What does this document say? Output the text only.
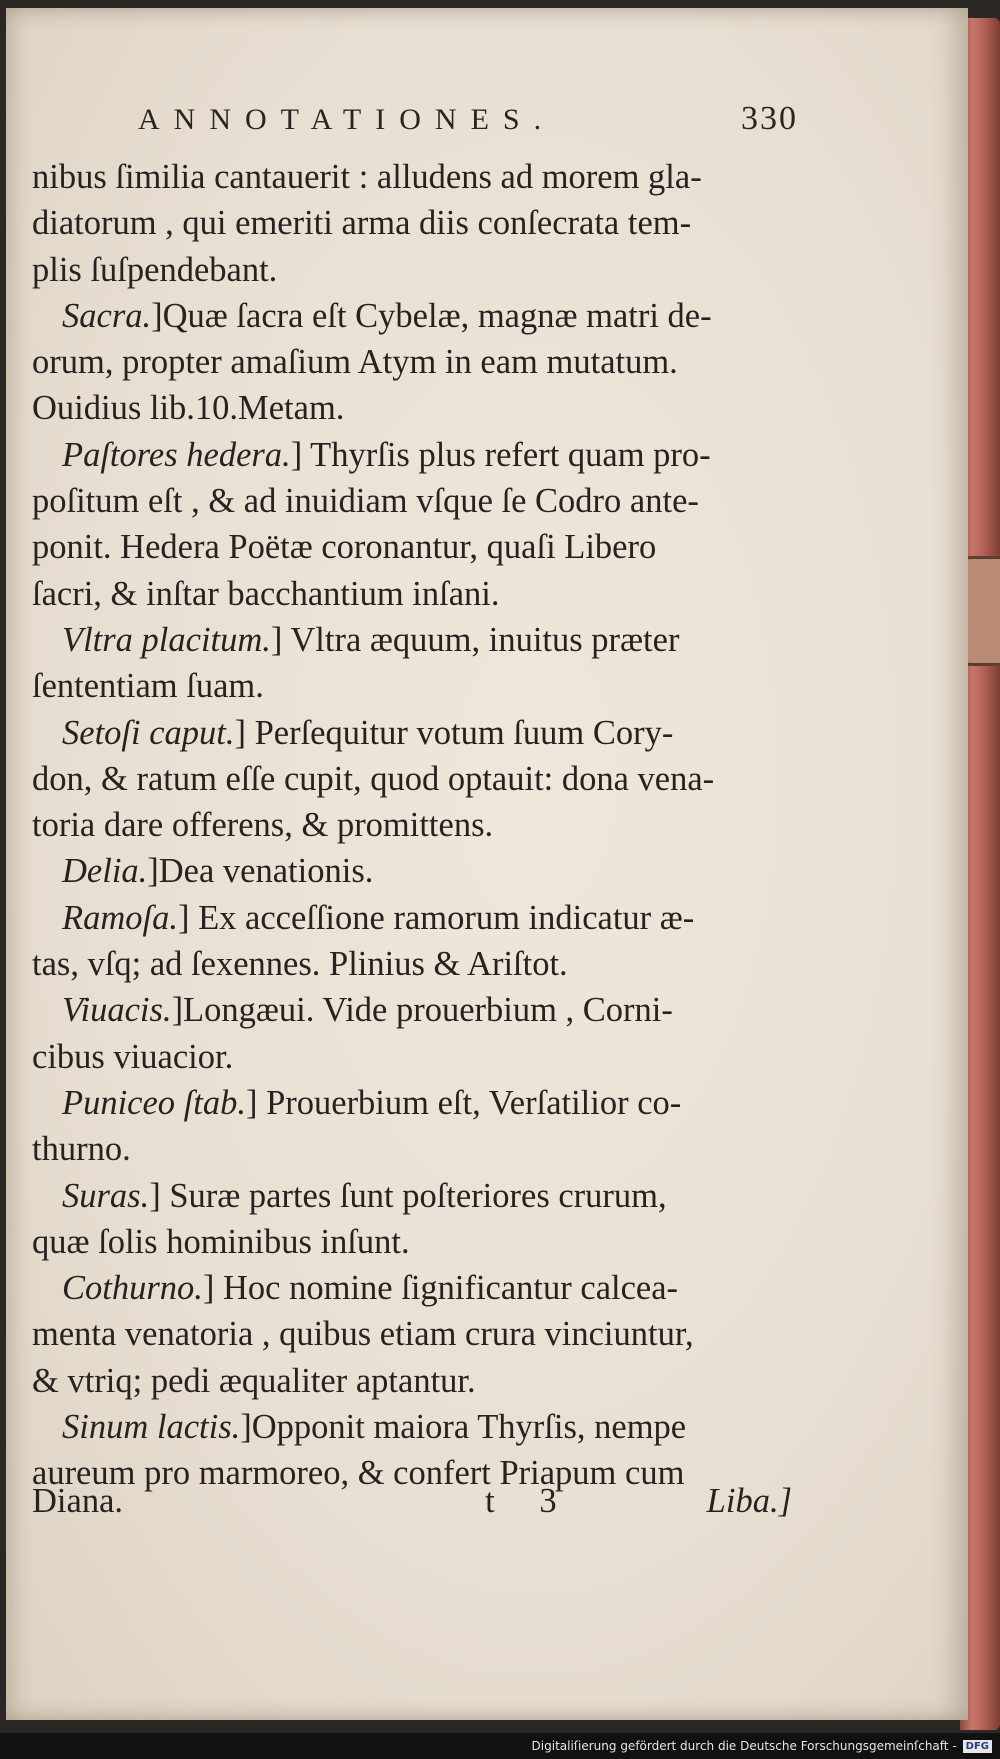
ANNOTATIONES.	330
nibus ſimilia cantauerit : alludens ad morem gla-
diatorum , qui emeriti arma diis conſecrata tem-
plis ſuſpendebant.
Sacra.]Quæ ſacra eſt Cybelæ, magnæ matri de-
orum, propter amaſium Atym in eam mutatum.
Ouidius lib.10.Metam.
Paſtores hedera.] Thyrſis plus refert quam pro-
poſitum eſt , & ad inuidiam vſque ſe Codro ante-
ponit. Hedera Poëtæ coronantur, quaſi Libero
ſacri, & inſtar bacchantium inſani.
Vltra placitum.] Vltra æquum, inuitus præter
ſententiam ſuam.
Setoſi caput.] Perſequitur votum ſuum Cory-
don, & ratum eſſe cupit, quod optauit: dona vena-
toria dare offerens, & promittens.
Delia.]Dea venationis.
Ramoſa.] Ex acceſſione ramorum indicatur æ-
tas, vſq; ad ſexennes. Plinius & Ariſtot.
Viuacis.]Longæui. Vide prouerbium , Corni-
cibus viuacior.
Puniceo ſtab.] Prouerbium eſt, Verſatilior co-
thurno.
Suras.] Suræ partes ſunt poſteriores crurum,
quæ ſolis hominibus inſunt.
Cothurno.] Hoc nomine ſignificantur calcea-
menta venatoria , quibus etiam crura vinciuntur,
& vtriq; pedi æqualiter aptantur.
Sinum lactis.]Opponit maiora Thyrſis, nempe
aureum pro marmoreo, & confert Priapum cum
Diana.	t 3	Liba.]
Digitaliſierung gefördert durch die Deutsche Forschungsgemeinſchaft - DFG
